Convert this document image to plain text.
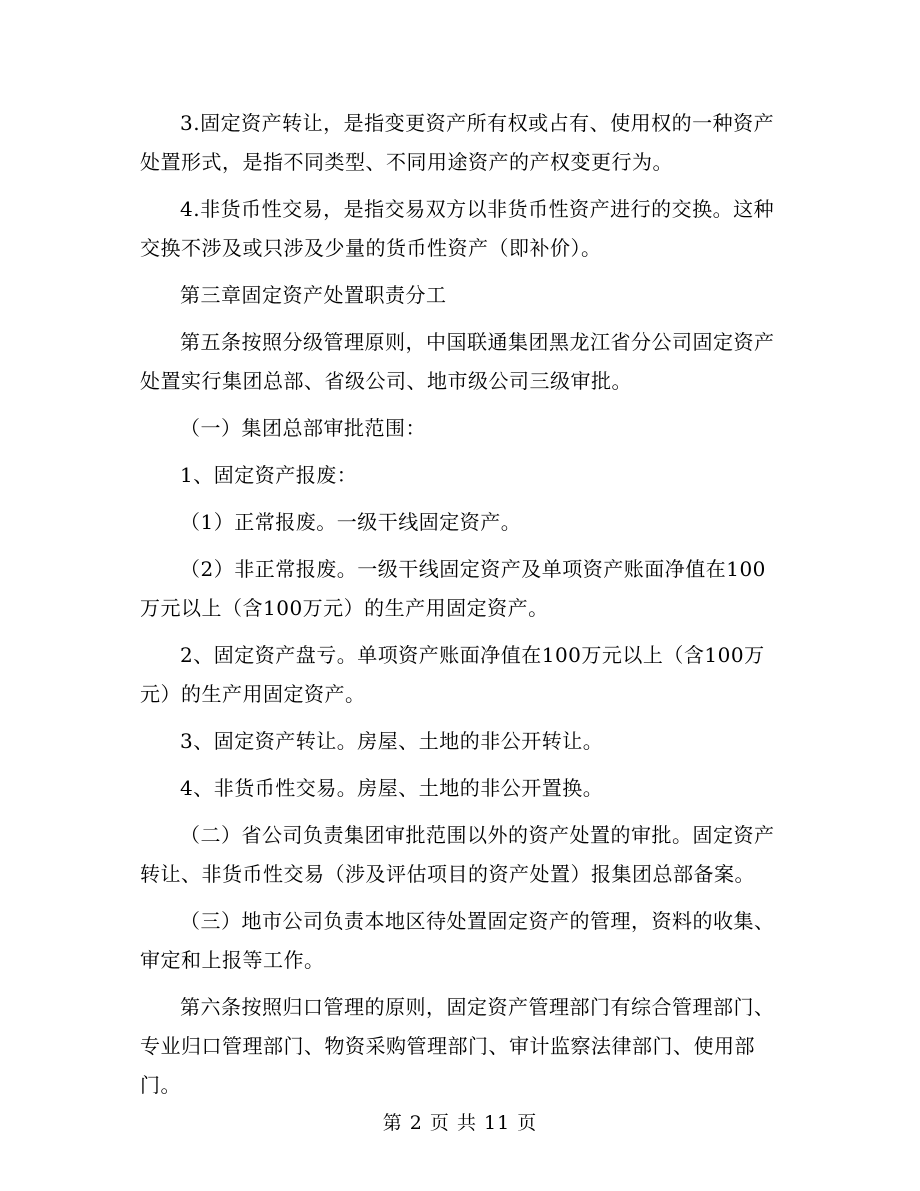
3.固定资产转让，是指变更资产所有权或占有、使用权的一种资产处置形式，是指不同类型、不同用途资产的产权变更行为。

4.非货币性交易，是指交易双方以非货币性资产进行的交换。这种交换不涉及或只涉及少量的货币性资产（即补价）。

第三章固定资产处置职责分工

第五条按照分级管理原则，中国联通集团黑龙江省分公司固定资产处置实行集团总部、省级公司、地市级公司三级审批。

（一）集团总部审批范围：

1、固定资产报废：

（1）正常报废。一级干线固定资产。

（2）非正常报废。一级干线固定资产及单项资产账面净值在100万元以上（含100万元）的生产用固定资产。

2、固定资产盘亏。单项资产账面净值在100万元以上（含100万元）的生产用固定资产。

3、固定资产转让。房屋、土地的非公开转让。

4、非货币性交易。房屋、土地的非公开置换。

（二）省公司负责集团审批范围以外的资产处置的审批。固定资产转让、非货币性交易（涉及评估项目的资产处置）报集团总部备案。

（三）地市公司负责本地区待处置固定资产的管理，资料的收集、审定和上报等工作。

第六条按照归口管理的原则，固定资产管理部门有综合管理部门、专业归口管理部门、物资采购管理部门、审计监察法律部门、使用部门。

第 2 页 共 11 页
